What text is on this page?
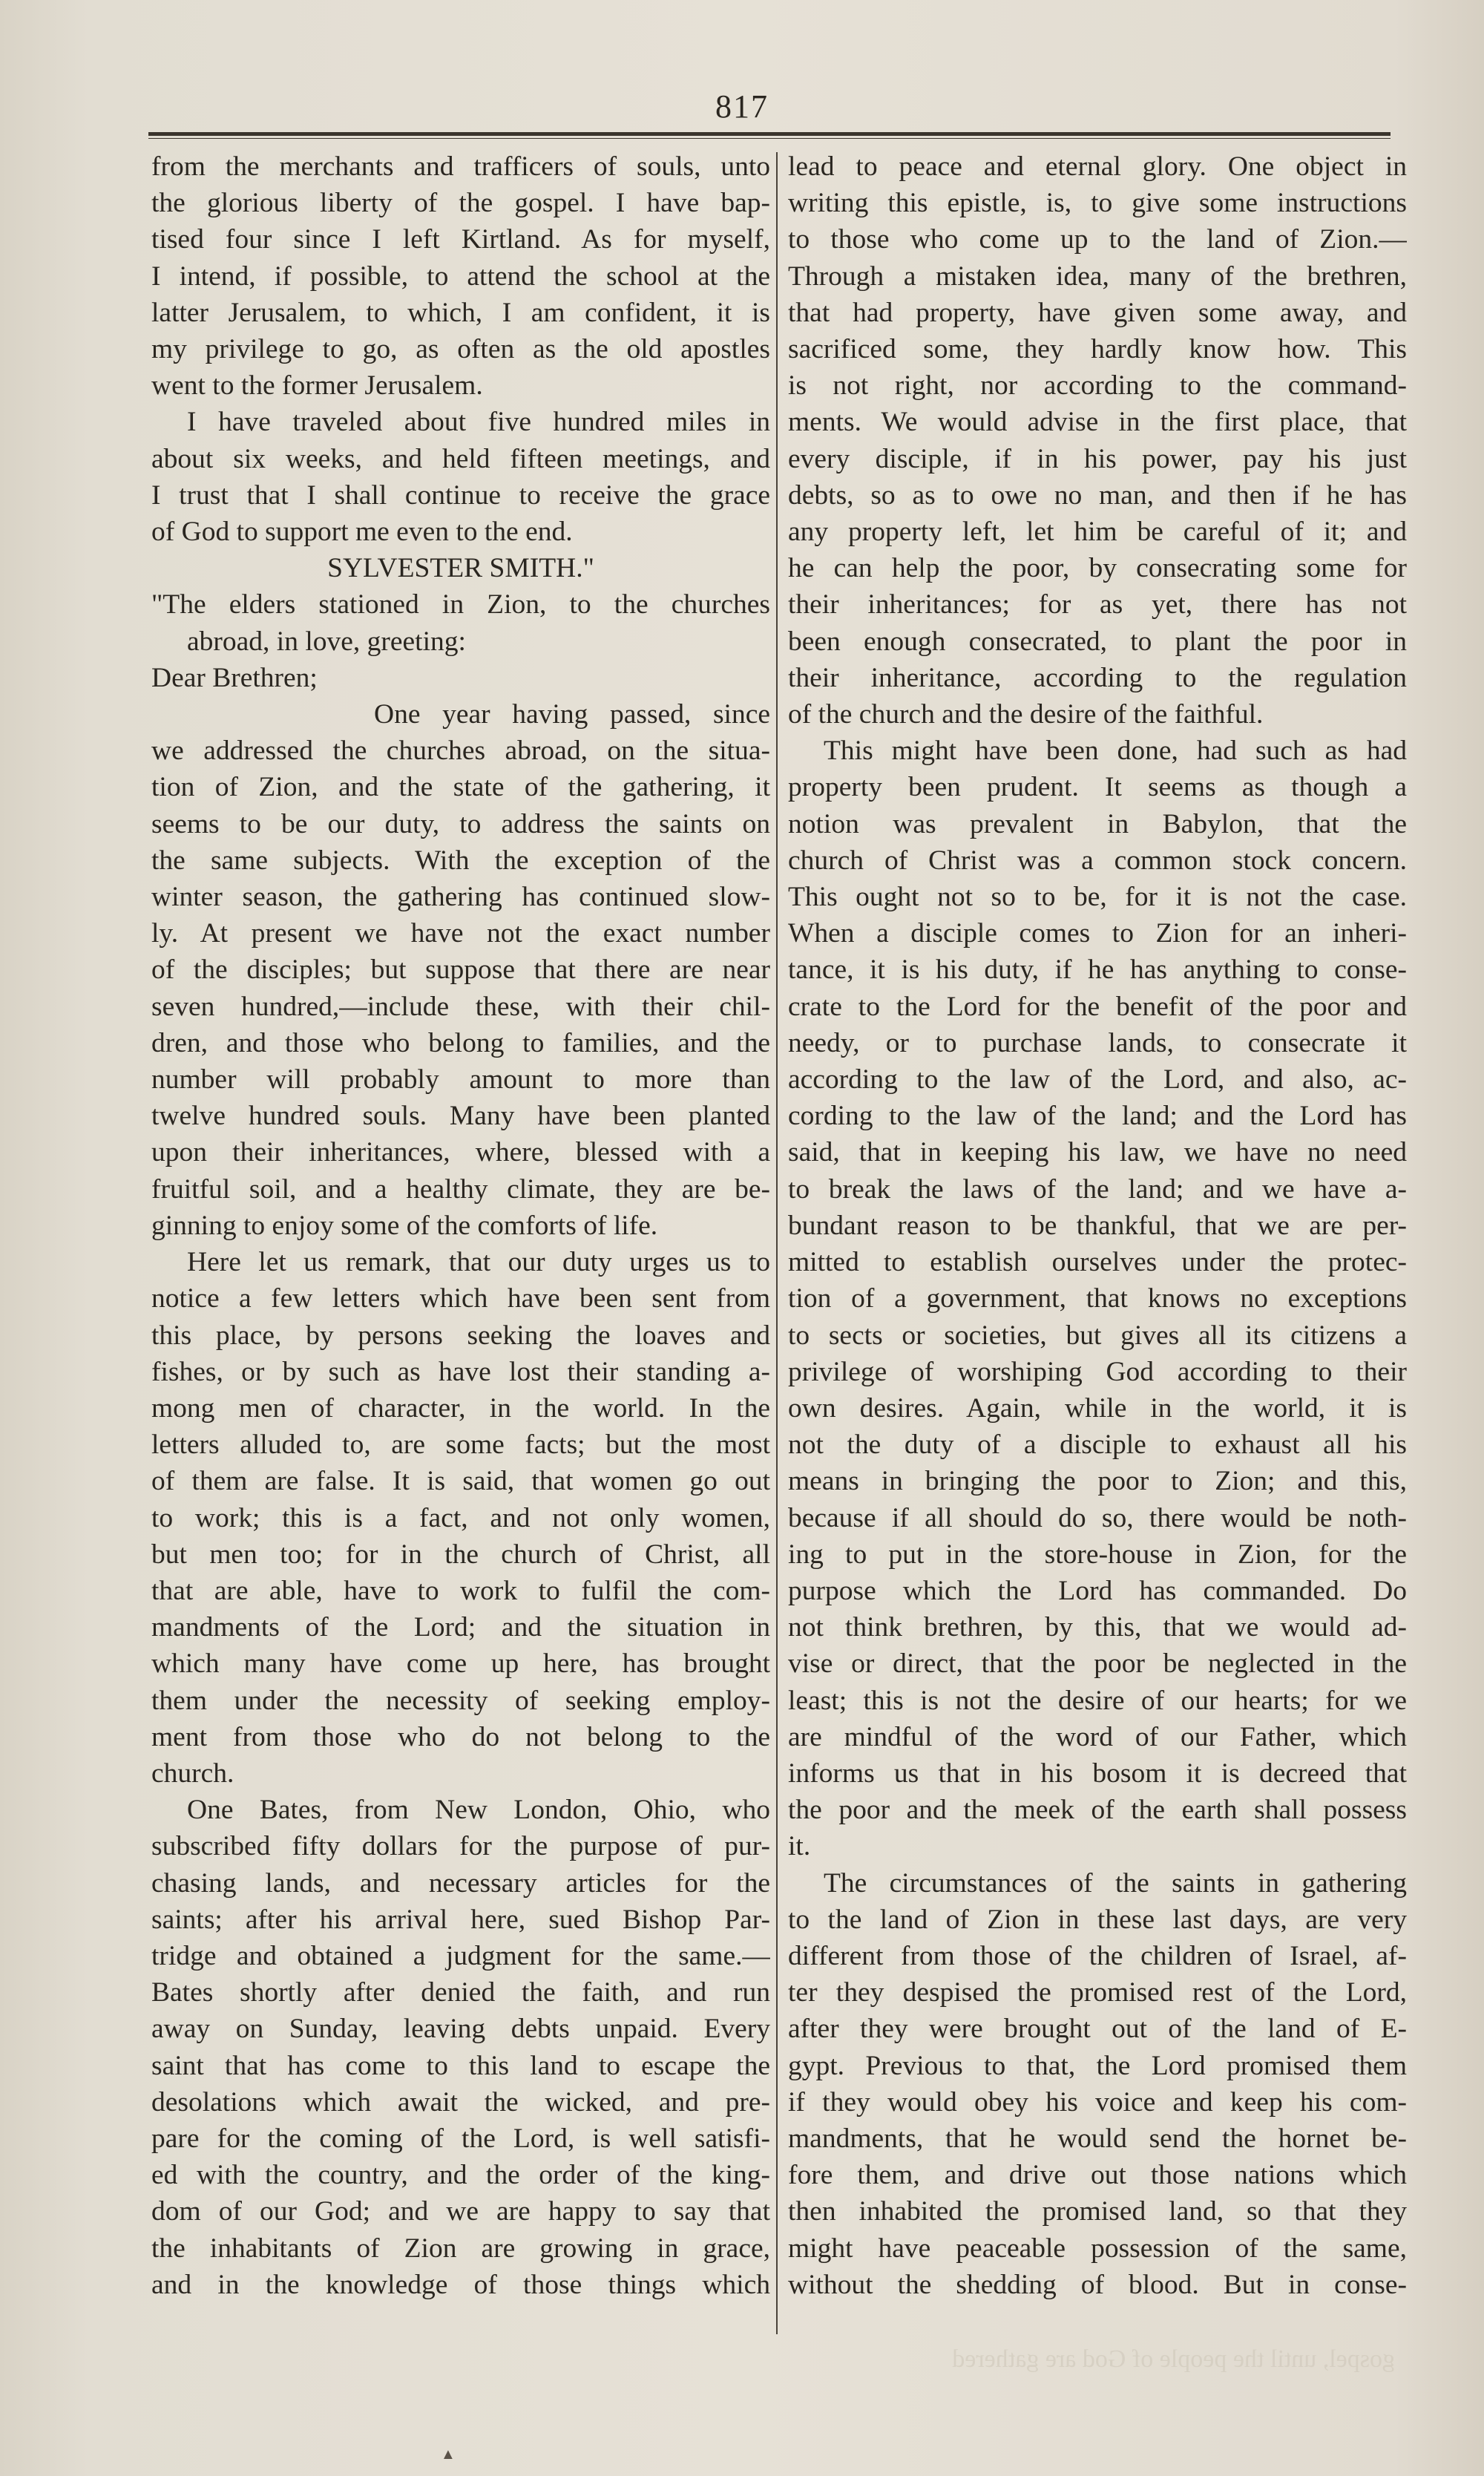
817
from the merchants and trafficers of souls, unto
the glorious liberty of the gospel. I have bap-
tised four since I left Kirtland. As for myself,
I intend, if possible, to attend the school at the
latter Jerusalem, to which, I am confident, it is
my privilege to go, as often as the old apostles
went to the former Jerusalem.
I have traveled about five hundred miles in
about six weeks, and held fifteen meetings, and
I trust that I shall continue to receive the grace
of God to support me even to the end.
SYLVESTER SMITH."
"The elders stationed in Zion, to the churches
abroad, in love, greeting:
Dear Brethren;
One year having passed, since
we addressed the churches abroad, on the situa-
tion of Zion, and the state of the gathering, it
seems to be our duty, to address the saints on
the same subjects. With the exception of the
winter season, the gathering has continued slow-
ly. At present we have not the exact number
of the disciples; but suppose that there are near
seven hundred,—include these, with their chil-
dren, and those who belong to families, and the
number will probably amount to more than
twelve hundred souls. Many have been planted
upon their inheritances, where, blessed with a
fruitful soil, and a healthy climate, they are be-
ginning to enjoy some of the comforts of life.
Here let us remark, that our duty urges us to
notice a few letters which have been sent from
this place, by persons seeking the loaves and
fishes, or by such as have lost their standing a-
mong men of character, in the world. In the
letters alluded to, are some facts; but the most
of them are false. It is said, that women go out
to work; this is a fact, and not only women,
but men too; for in the church of Christ, all
that are able, have to work to fulfil the com-
mandments of the Lord; and the situation in
which many have come up here, has brought
them under the necessity of seeking employ-
ment from those who do not belong to the
church.
One Bates, from New London, Ohio, who
subscribed fifty dollars for the purpose of pur-
chasing lands, and necessary articles for the
saints; after his arrival here, sued Bishop Par-
tridge and obtained a judgment for the same.—
Bates shortly after denied the faith, and run
away on Sunday, leaving debts unpaid. Every
saint that has come to this land to escape the
desolations which await the wicked, and pre-
pare for the coming of the Lord, is well satisfi-
ed with the country, and the order of the king-
dom of our God; and we are happy to say that
the inhabitants of Zion are growing in grace,
and in the knowledge of those things which
lead to peace and eternal glory. One object in
writing this epistle, is, to give some instructions
to those who come up to the land of Zion.—
Through a mistaken idea, many of the brethren,
that had property, have given some away, and
sacrificed some, they hardly know how. This
is not right, nor according to the command-
ments. We would advise in the first place, that
every disciple, if in his power, pay his just
debts, so as to owe no man, and then if he has
any property left, let him be careful of it; and
he can help the poor, by consecrating some for
their inheritances; for as yet, there has not
been enough consecrated, to plant the poor in
their inheritance, according to the regulation
of the church and the desire of the faithful.
This might have been done, had such as had
property been prudent. It seems as though a
notion was prevalent in Babylon, that the
church of Christ was a common stock concern.
This ought not so to be, for it is not the case.
When a disciple comes to Zion for an inheri-
tance, it is his duty, if he has anything to conse-
crate to the Lord for the benefit of the poor and
needy, or to purchase lands, to consecrate it
according to the law of the Lord, and also, ac-
cording to the law of the land; and the Lord has
said, that in keeping his law, we have no need
to break the laws of the land; and we have a-
bundant reason to be thankful, that we are per-
mitted to establish ourselves under the protec-
tion of a government, that knows no exceptions
to sects or societies, but gives all its citizens a
privilege of worshiping God according to their
own desires. Again, while in the world, it is
not the duty of a disciple to exhaust all his
means in bringing the poor to Zion; and this,
because if all should do so, there would be noth-
ing to put in the store-house in Zion, for the
purpose which the Lord has commanded. Do
not think brethren, by this, that we would ad-
vise or direct, that the poor be neglected in the
least; this is not the desire of our hearts; for we
are mindful of the word of our Father, which
informs us that in his bosom it is decreed that
the poor and the meek of the earth shall possess
it.
The circumstances of the saints in gathering
to the land of Zion in these last days, are very
different from those of the children of Israel, af-
ter they despised the promised rest of the Lord,
after they were brought out of the land of E-
gypt. Previous to that, the Lord promised them
if they would obey his voice and keep his com-
mandments, that he would send the hornet be-
fore them, and drive out those nations which
then inhabited the promised land, so that they
might have peaceable possession of the same,
without the shedding of blood. But in conse-
gospel, until the people of God are gathered
▲
